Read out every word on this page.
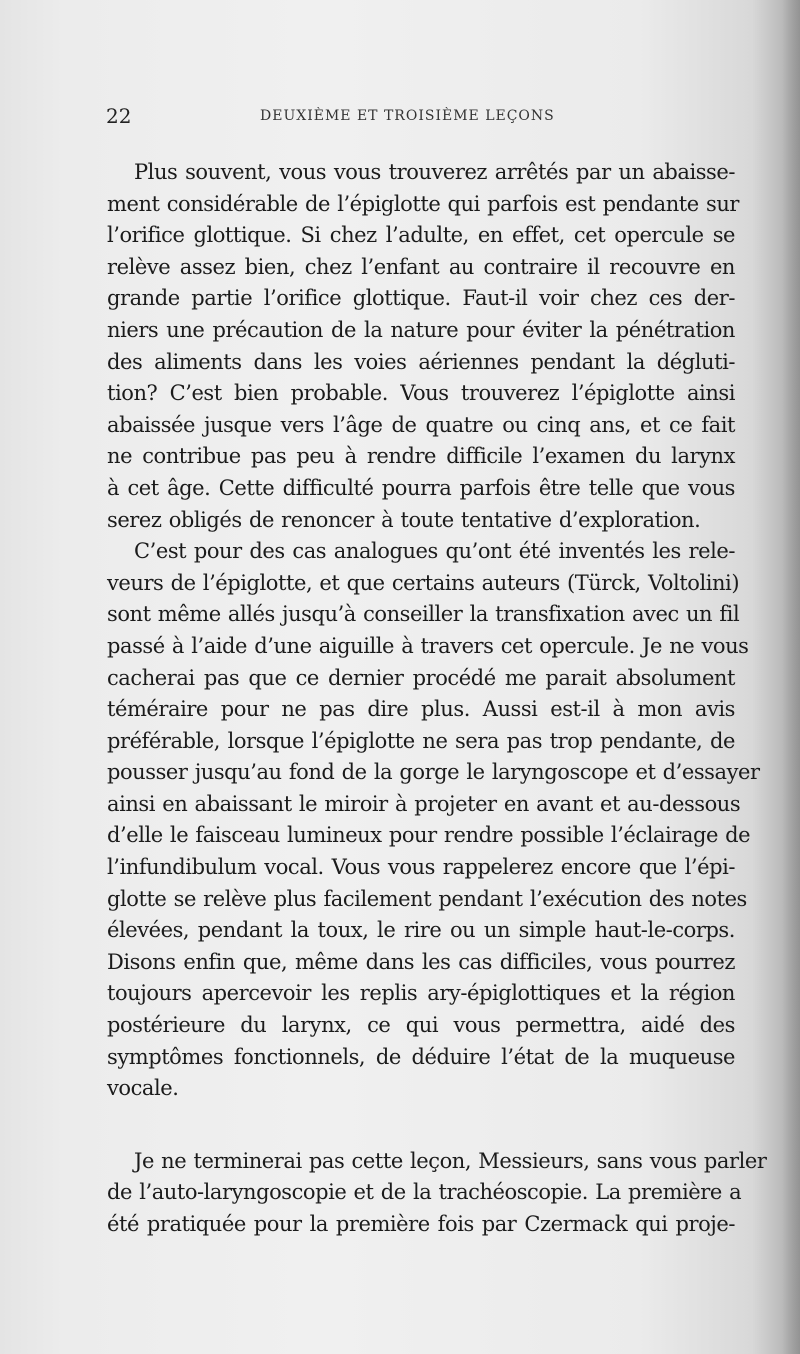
22	DEUXIÈME ET TROISIÈME LEÇONS
Plus souvent, vous vous trouverez arrêtés par un abaisse-
ment considérable de l’épiglotte qui parfois est pendante sur
l’orifice glottique. Si chez l’adulte, en effet, cet opercule se
relève assez bien, chez l’enfant au contraire il recouvre en
grande partie l’orifice glottique. Faut-il voir chez ces der-
niers une précaution de la nature pour éviter la pénétration
des aliments dans les voies aériennes pendant la dégluti-
tion? C’est bien probable. Vous trouverez l’épiglotte ainsi
abaissée jusque vers l’âge de quatre ou cinq ans, et ce fait
ne contribue pas peu à rendre difficile l’examen du larynx
à cet âge. Cette difficulté pourra parfois être telle que vous
serez obligés de renoncer à toute tentative d’exploration.
C’est pour des cas analogues qu’ont été inventés les rele-
veurs de l’épiglotte, et que certains auteurs (Türck, Voltolini)
sont même allés jusqu’à conseiller la transfixation avec un fil
passé à l’aide d’une aiguille à travers cet opercule. Je ne vous
cacherai pas que ce dernier procédé me parait absolument
téméraire pour ne pas dire plus. Aussi est-il à mon avis
préférable, lorsque l’épiglotte ne sera pas trop pendante, de
pousser jusqu’au fond de la gorge le laryngoscope et d’essayer
ainsi en abaissant le miroir à projeter en avant et au-dessous
d’elle le faisceau lumineux pour rendre possible l’éclairage de
l’infundibulum vocal. Vous vous rappelerez encore que l’épi-
glotte se relève plus facilement pendant l’exécution des notes
élevées, pendant la toux, le rire ou un simple haut-le-corps.
Disons enfin que, même dans les cas difficiles, vous pourrez
toujours apercevoir les replis ary-épiglottiques et la région
postérieure du larynx, ce qui vous permettra, aidé des
symptômes fonctionnels, de déduire l’état de la muqueuse
vocale.
Je ne terminerai pas cette leçon, Messieurs, sans vous parler
de l’auto-laryngoscopie et de la trachéoscopie. La première a
été pratiquée pour la première fois par Czermack qui proje-
